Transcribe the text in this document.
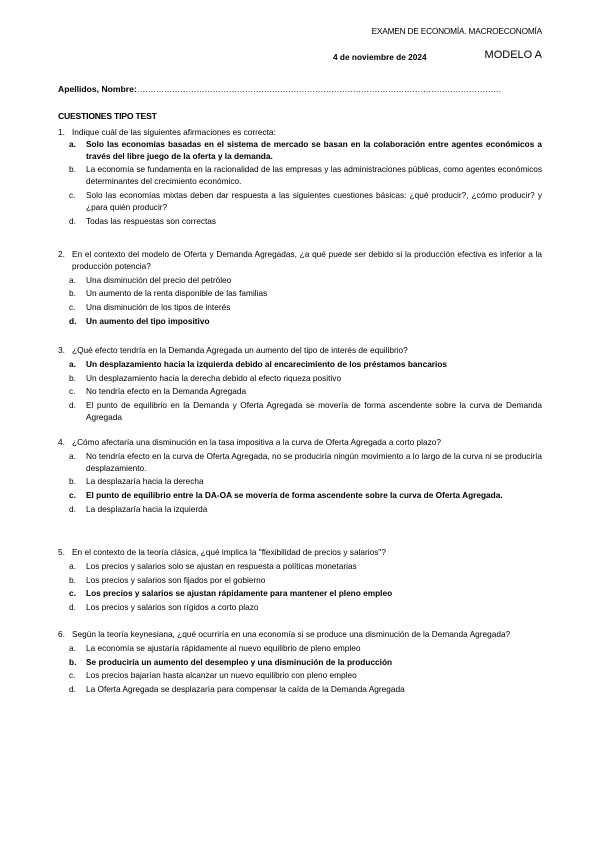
EXAMEN DE ECONOMÍA. MACROECONOMÍA
4 de noviembre de 2024	MODELO A
Apellidos, Nombre:………………………………………………………………………………………………………………………
CUESTIONES TIPO TEST
1. Indique cuál de las siguientes afirmaciones es correcta:
a. Solo las economías basadas en el sistema de mercado se basan en la colaboración entre agentes económicos a través del libre juego de la oferta y la demanda.
b. La economía se fundamenta en la racionalidad de las empresas y las administraciones públicas, como agentes económicos determinantes del crecimiento económico.
c. Solo las economías mixtas deben dar respuesta a las siguientes cuestiones básicas: ¿qué producir?, ¿cómo producir? y ¿para quién producir?
d. Todas las respuestas son correctas
2. En el contexto del modelo de Oferta y Demanda Agregadas, ¿a qué puede ser debido si la producción efectiva es inferior a la producción potencia?
a. Una disminución del precio del petróleo
b. Un aumento de la renta disponible de las familias
c. Una disminución de los tipos de interés
d. Un aumento del tipo impositivo
3. ¿Qué efecto tendría en la Demanda Agregada un aumento del tipo de interés de equilibrio?
a. Un desplazamiento hacia la izquierda debido al encarecimiento de los préstamos bancarios
b. Un desplazamiento hacia la derecha debido al efecto riqueza positivo
c. No tendría efecto en la Demanda Agregada
d. El punto de equilibrio en la Demanda y Oferta Agregada se movería de forma ascendente sobre la curva de Demanda Agregada
4. ¿Cómo afectaría una disminución en la tasa impositiva a la curva de Oferta Agregada a corto plazo?
a. No tendría efecto en la curva de Oferta Agregada, no se produciría ningún movimiento a lo largo de la curva ni se produciría desplazamiento.
b. La desplazaría hacia la derecha
c. El punto de equilibrio entre la DA-OA se movería de forma ascendente sobre la curva de Oferta Agregada.
d. La desplazaría hacia la izquierda
5. En el contexto de la teoría clásica, ¿qué implica la "flexibilidad de precios y salarios"?
a. Los precios y salarios solo se ajustan en respuesta a políticas monetarias
b. Los precios y salarios son fijados por el gobierno
c. Los precios y salarios se ajustan rápidamente para mantener el pleno empleo
d. Los precios y salarios son rígidos a corto plazo
6. Según la teoría keynesiana, ¿qué ocurriría en una economía si se produce una disminución de la Demanda Agregada?
a. La economía se ajustaría rápidamente al nuevo equilibrio de pleno empleo
b. Se produciría un aumento del desempleo y una disminución de la producción
c. Los precios bajarían hasta alcanzar un nuevo equilibrio con pleno empleo
d. La Oferta Agregada se desplazaría para compensar la caída de la Demanda Agregada
